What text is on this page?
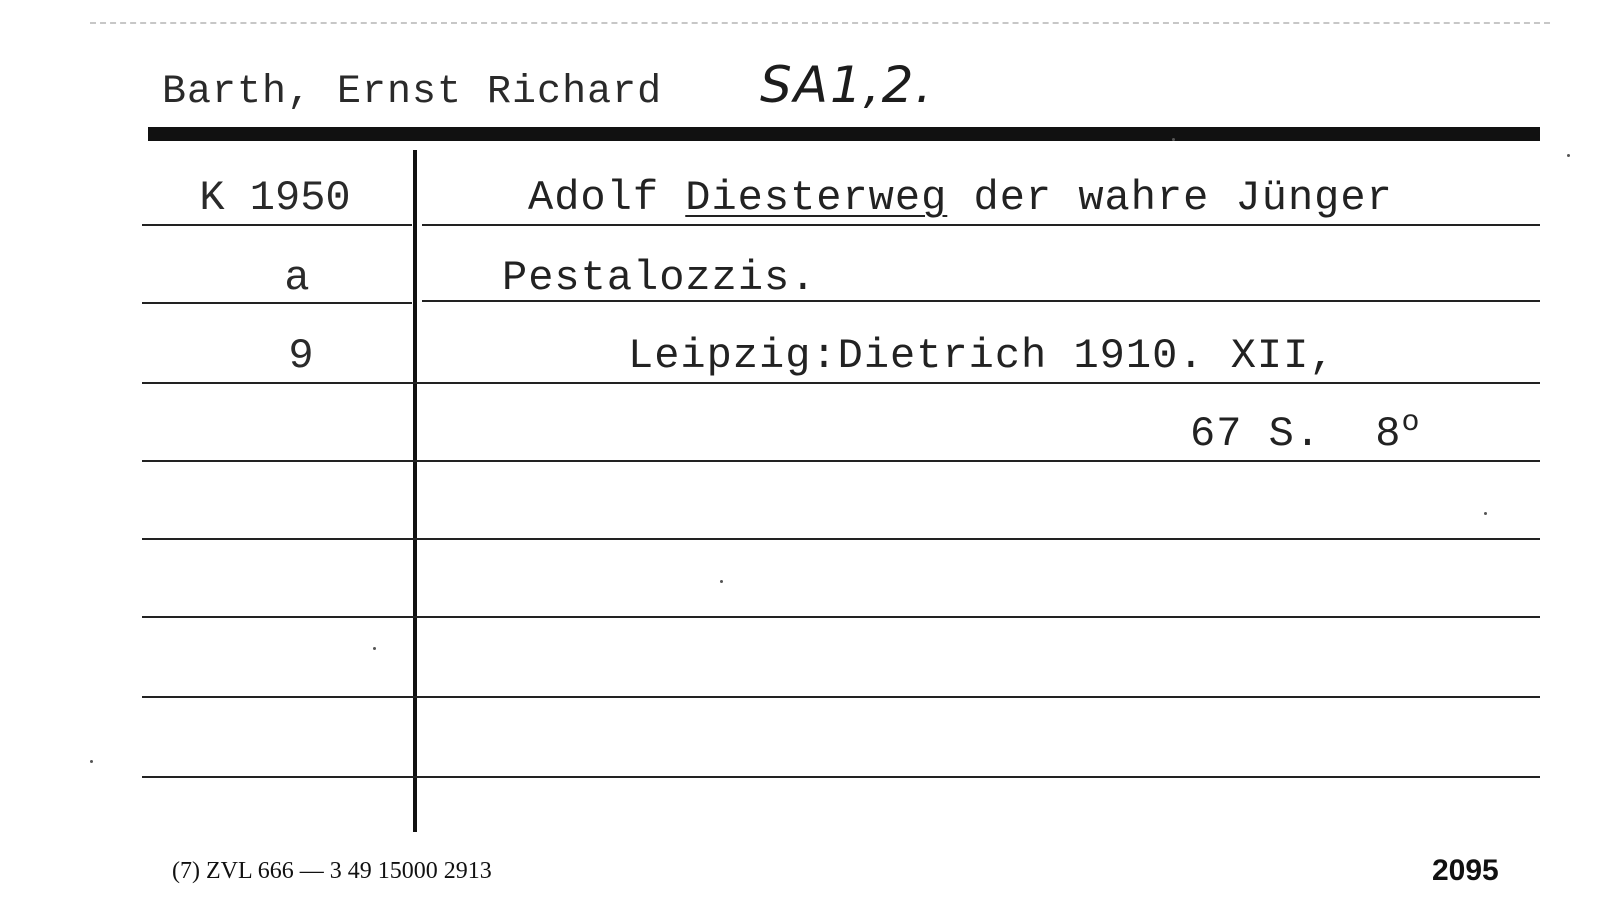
Barth, Ernst Richard SA1,2.
K 1950
a
9
Adolf Diesterweg der wahre Jünger
Pestalozzis.
Leipzig:Dietrich 1910. XII,
67 S. 8$^o$
(7) ZVL 666 — 3 49 15000 2913	2095
